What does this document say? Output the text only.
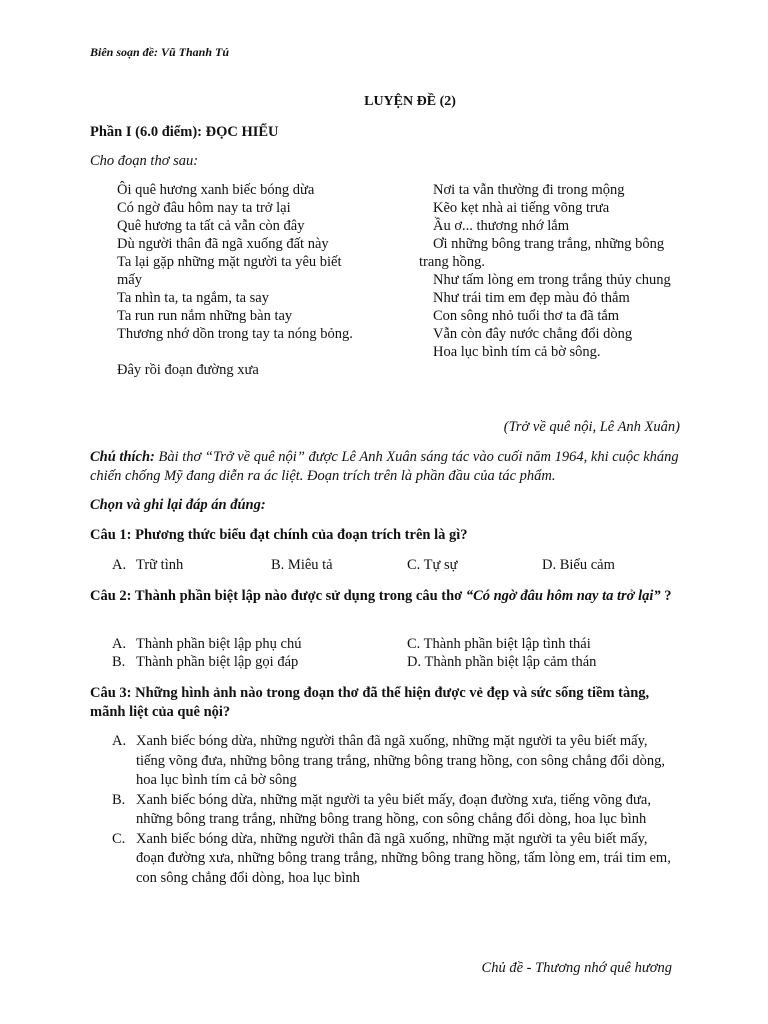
Biên soạn đề: Vũ Thanh Tú
LUYỆN ĐỀ (2)
Phần I (6.0 điểm): ĐỌC HIỂU
Cho đoạn thơ sau:
Ôi quê hương xanh biếc bóng dừa
Có ngờ đâu hôm nay ta trở lại
Quê hương ta tất cả vẫn còn đây
Dù người thân đã ngã xuống đất này
Ta lại gặp những mặt người ta yêu biết
mấy
Ta nhìn ta, ta ngắm, ta say
Ta run run nắm những bàn tay
Thương nhớ dồn trong tay ta nóng bỏng.
Đây rồi đoạn đường xưa
Nơi ta vẫn thường đi trong mộng
Kẽo kẹt nhà ai tiếng võng trưa
Ầu ơ... thương nhớ lắm
Ơi những bông trang trắng, những bông
trang hồng.
Như tấm lòng em trong trắng thủy chung
Như trái tim em đẹp màu đỏ thắm
Con sông nhỏ tuổi thơ ta đã tắm
Vẫn còn đây nước chẳng đổi dòng
Hoa lục bình tím cả bờ sông.
(Trở về quê nội, Lê Anh Xuân)
Chú thích: Bài thơ “Trở về quê nội” được Lê Anh Xuân sáng tác vào cuối năm 1964, khi cuộc kháng chiến chống Mỹ đang diễn ra ác liệt. Đoạn trích trên là phần đầu của tác phẩm.
Chọn và ghi lại đáp án đúng:
Câu 1: Phương thức biểu đạt chính của đoạn trích trên là gì?
A. Trữ tình	B. Miêu tả	C. Tự sự	D. Biểu cảm
Câu 2: Thành phần biệt lập nào được sử dụng trong câu thơ “Có ngờ đâu hôm nay ta trở lại” ?
A. Thành phần biệt lập phụ chú	C. Thành phần biệt lập tình thái
B. Thành phần biệt lập gọi đáp	D. Thành phần biệt lập cảm thán
Câu 3: Những hình ảnh nào trong đoạn thơ đã thể hiện được vẻ đẹp và sức sống tiềm tàng, mãnh liệt của quê nội?
A. Xanh biếc bóng dừa, những người thân đã ngã xuống, những mặt người ta yêu biết mấy, tiếng võng đưa, những bông trang trắng, những bông trang hồng, con sông chẳng đổi dòng, hoa lục bình tím cả bờ sông
B. Xanh biếc bóng dừa, những mặt người ta yêu biết mấy, đoạn đường xưa, tiếng võng đưa, những bông trang trắng, những bông trang hồng, con sông chẳng đổi dòng, hoa lục bình
C. Xanh biếc bóng dừa, những người thân đã ngã xuống, những mặt người ta yêu biết mấy, đoạn đường xưa, những bông trang trắng, những bông trang hồng, tấm lòng em, trái tim em, con sông chẳng đổi dòng, hoa lục bình
Chủ đề - Thương nhớ quê hương
